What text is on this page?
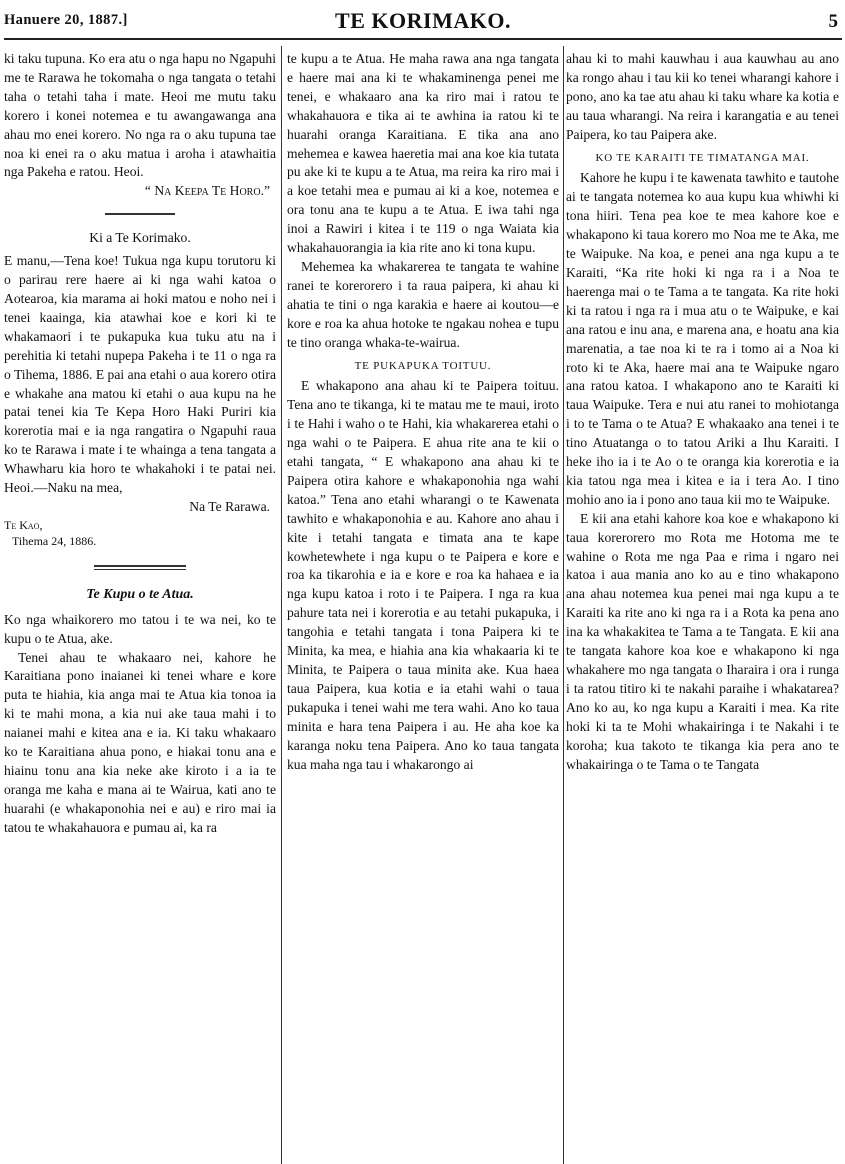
Hanuere 20, 1887.]	TE KORIMAKO.	5

ki taku tupuna. Ko era atu o nga hapu no Ngapuhi me te Rarawa he tokomaha o nga tangata o tetahi taha o tetahi taha i mate. Heoi me mutu taku korero i konei notemea e tu awangawanga ana ahau mo enei korero. No nga ra o aku tupuna tae noa ki enei ra o aku matua i aroha i atawhaitia nga Pakeha e ratou. Heoi.

“ Na Keepa Te Horo.”

Ki a Te Korimako.

E manu,—Tena koe! Tukua nga kupu torutoru ki o parirau rere haere ai ki nga wahi katoa o Aotearoa, kia marama ai hoki matou e noho nei i tenei kaainga, kia atawhai koe e kori ki te whakamaori i te pukapuka kua tuku atu na i perehitia ki tetahi nupepa Pakeha i te 11 o nga ra o Tihema, 1886. E pai ana etahi o aua korero otira e whakahe ana matou ki etahi o aua kupu na he patai tenei kia Te Kepa Horo Haki Puriri kia korerotia mai e ia nga rangatira o Ngapuhi raua ko te Rarawa i mate i te whainga a tena tangata a Whawharu kia horo te whakahoki i te patai nei. Heoi.—Naku na mea,

Na Te Rarawa.

Te Kao,

Tihema 24, 1886.

Te Kupu o te Atua.

Ko nga whaikorero mo tatou i te wa nei, ko te kupu o te Atua, ake.

Tenei ahau te whakaaro nei, kahore he Karaitiana pono inaianei ki tenei whare e kore puta te hiahia, kia anga mai te Atua kia tonoa ia ki te mahi mona, a kia nui ake taua mahi i to naianei mahi e kitea ana e ia. Ki taku whakaaro ko te Karaitiana ahua pono, e hiakai tonu ana e hiainu tonu ana kia neke ake kiroto i a ia te oranga me kaha e mana ai te Wairua, kati ano te huarahi (e whakaponohia nei e au) e riro mai ia tatou te whakahauora e pumau ai, ka ra

te kupu a te Atua. He maha rawa ana nga tangata e haere mai ana ki te whakaminenga penei me tenei, e whakaaro ana ka riro mai i ratou te whakahauora e tika ai te awhina ia ratou ki te huarahi oranga Karaitiana. E tika ana ano mehemea e kawea haeretia mai ana koe kia tutata pu ake ki te kupu a te Atua, ma reira ka riro mai i a koe tetahi mea e pumau ai ki a koe, notemea e ora tonu ana te kupu a te Atua. E iwa tahi nga inoi a Rawiri i kitea i te 119 o nga Waiata kia whakahauorangia ia kia rite ano ki tona kupu.

Mehemea ka whakarerea te tangata te wahine ranei te korerorero i ta raua paipera, ki ahau ki ahatia te tini o nga karakia e haere ai koutou—e kore e roa ka ahua hotoke te ngakau nohea e tupu te tino oranga whaka-te-wairua.

TE PUKAPUKA TOITUU.

E whakapono ana ahau ki te Paipera toituu. Tena ano te tikanga, ki te matau me te maui, iroto i te Hahi i waho o te Hahi, kia whakarerea etahi o nga wahi o te Paipera. E ahua rite ana te kii o etahi tangata, “ E whakapono ana ahau ki te Paipera otira kahore e whakaponohia nga wahi katoa.” Tena ano etahi wharangi o te Kawenata tawhito e whakaponohia e au. Kahore ano ahau i kite i tetahi tangata e timata ana te kape kowhetewhete i nga kupu o te Paipera e kore e roa ka tikarohia e ia e kore e roa ka hahaea e ia nga kupu katoa i roto i te Paipera. I nga ra kua pahure tata nei i korerotia e au tetahi pukapuka, i tangohia e tetahi tangata i tona Paipera ki te Minita, ka mea, e hiahia ana kia whakaaria ki te Minita, te Paipera o taua minita ake. Kua haea taua Paipera, kua kotia e ia etahi wahi o taua pukapuka i tenei wahi me tera wahi. Ano ko taua minita e hara tena Paipera i au. He aha koe ka karanga noku tena Paipera. Ano ko taua tangata kua maha nga tau i whakarongo ai

ahau ki to mahi kauwhau i aua kauwhau au ano ka rongo ahau i tau kii ko tenei wharangi kahore i pono, ano ka tae atu ahau ki taku whare ka kotia e au taua wharangi. Na reira i karangatia e au tenei Paipera, ko tau Paipera ake.

KO TE KARAITI TE TIMATANGA MAI.

Kahore he kupu i te kawenata tawhito e tautohe ai te tangata notemea ko aua kupu kua whiwhi ki tona hiiri. Tena pea koe te mea kahore koe e whakapono ki taua korero mo Noa me te Aka, me te Waipuke. Na koa, e penei ana nga kupu a te Karaiti, “Ka rite hoki ki nga ra i a Noa te haerenga mai o te Tama a te tangata. Ka rite hoki ki ta ratou i nga ra i mua atu o te Waipuke, e kai ana ratou e inu ana, e marena ana, e hoatu ana kia marenatia, a tae noa ki te ra i tomo ai a Noa ki roto ki te Aka, haere mai ana te Waipuke ngaro ana ratou katoa. I whakapono ano te Karaiti ki taua Waipuke. Tera e nui atu ranei to mohiotanga i to te Tama o te Atua? E whakaako ana tenei i te tino Atuatanga o to tatou Ariki a Ihu Karaiti. I heke iho ia i te Ao o te oranga kia korerotia e ia kia tatou nga mea i kitea e ia i tera Ao. I tino mohio ano ia i pono ano taua kii mo te Waipuke.

E kii ana etahi kahore koa koe e whakapono ki taua korerorero mo Rota me Hotoma me te wahine o Rota me nga Paa e rima i ngaro nei katoa i aua mania ano ko au e tino whakapono ana ahau notemea kua penei mai nga kupu a te Karaiti ka rite ano ki nga ra i a Rota ka pena ano ina ka whakakitea te Tama a te Tangata. E kii ana te tangata kahore koa koe e whakapono ki nga whakahere mo nga tangata o Iharaira i ora i runga i ta ratou titiro ki te nakahi paraihe i whakatarea? Ano ko au, ko nga kupu a Karaiti i mea. Ka rite hoki ki ta te Mohi whakairinga i te Nakahi i te koroha; kua takoto te tikanga kia pera ano te whakairinga o te Tama o te Tangata
